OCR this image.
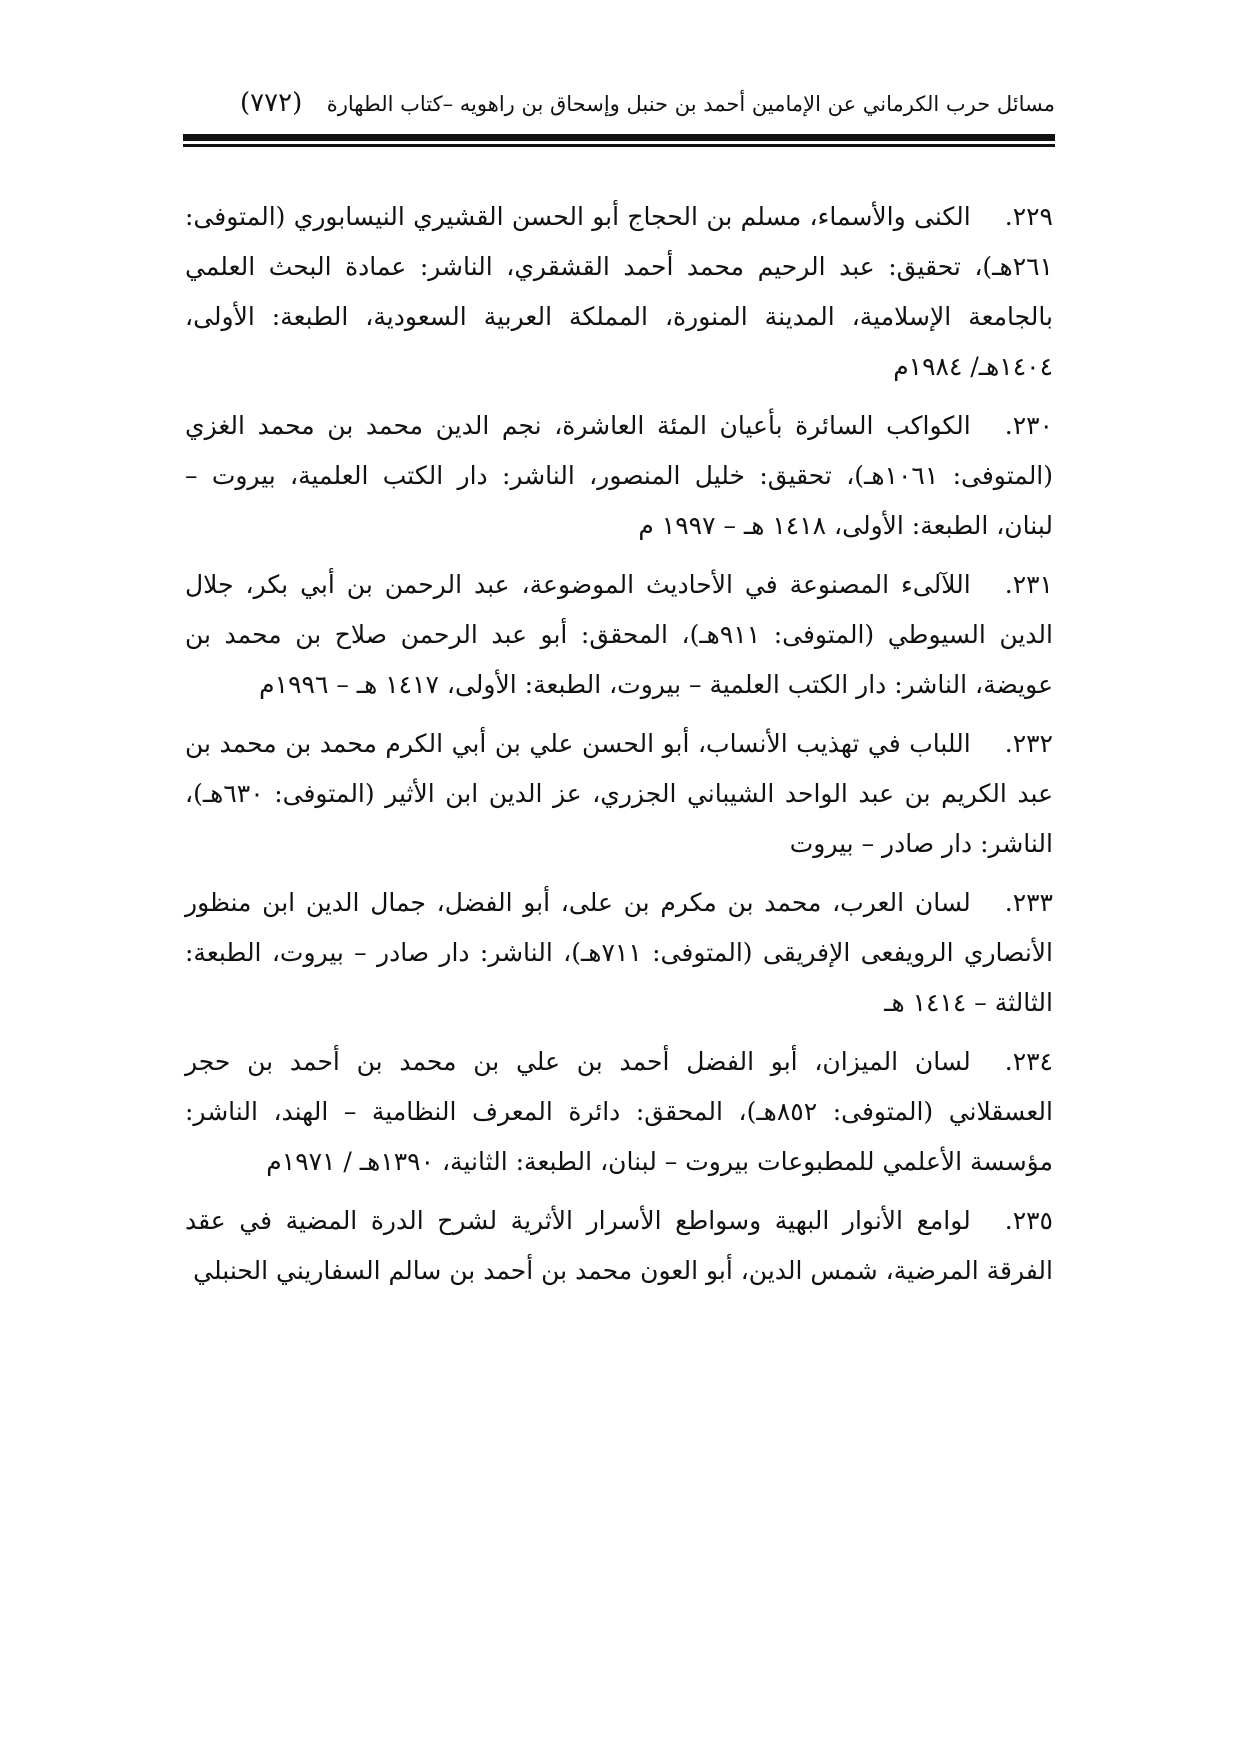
مسائل حرب الكرماني عن الإمامين أحمد بن حنبل وإسحاق بن راهويه –كتاب الطهارة
(٧٧٢)

٢٢٩.الكنى والأسماء، مسلم بن الحجاج أبو الحسن القشيري النيسابوري (المتوفى: ٢٦١هـ)، تحقيق: عبد الرحيم محمد أحمد القشقري، الناشر: عمادة البحث العلمي بالجامعة الإسلامية، المدينة المنورة، المملكة العربية السعودية، الطبعة: الأولى، ١٤٠٤هـ/ ١٩٨٤م

٢٣٠.الكواكب السائرة بأعيان المئة العاشرة، نجم الدين محمد بن محمد الغزي (المتوفى: ١٠٦١هـ)، تحقيق: خليل المنصور، الناشر: دار الكتب العلمية، بيروت – لبنان، الطبعة: الأولى، ١٤١٨ هـ – ١٩٩٧ م

٢٣١.اللآلىء المصنوعة في الأحاديث الموضوعة، عبد الرحمن بن أبي بكر، جلال الدين السيوطي (المتوفى: ٩١١هـ)، المحقق: أبو عبد الرحمن صلاح بن محمد بن عويضة، الناشر: دار الكتب العلمية – بيروت، الطبعة: الأولى، ١٤١٧ هـ – ١٩٩٦م

٢٣٢.اللباب في تهذيب الأنساب، أبو الحسن علي بن أبي الكرم محمد بن محمد بن عبد الكريم بن عبد الواحد الشيباني الجزري، عز الدين ابن الأثير (المتوفى: ٦٣٠هـ)، الناشر: دار صادر – بيروت

٢٣٣.لسان العرب، محمد بن مكرم بن على، أبو الفضل، جمال الدين ابن منظور الأنصاري الرويفعى الإفريقى (المتوفى: ٧١١هـ)، الناشر: دار صادر – بيروت، الطبعة: الثالثة – ١٤١٤ هـ

٢٣٤.لسان الميزان، أبو الفضل أحمد بن علي بن محمد بن أحمد بن حجر العسقلاني (المتوفى: ٨٥٢هـ)، المحقق: دائرة المعرف النظامية – الهند، الناشر: مؤسسة الأعلمي للمطبوعات بيروت – لبنان، الطبعة: الثانية، ١٣٩٠هـ / ١٩٧١م

٢٣٥.لوامع الأنوار البهية وسواطع الأسرار الأثرية لشرح الدرة المضية في عقد الفرقة المرضية، شمس الدين، أبو العون محمد بن أحمد بن سالم السفاريني الحنبلي
